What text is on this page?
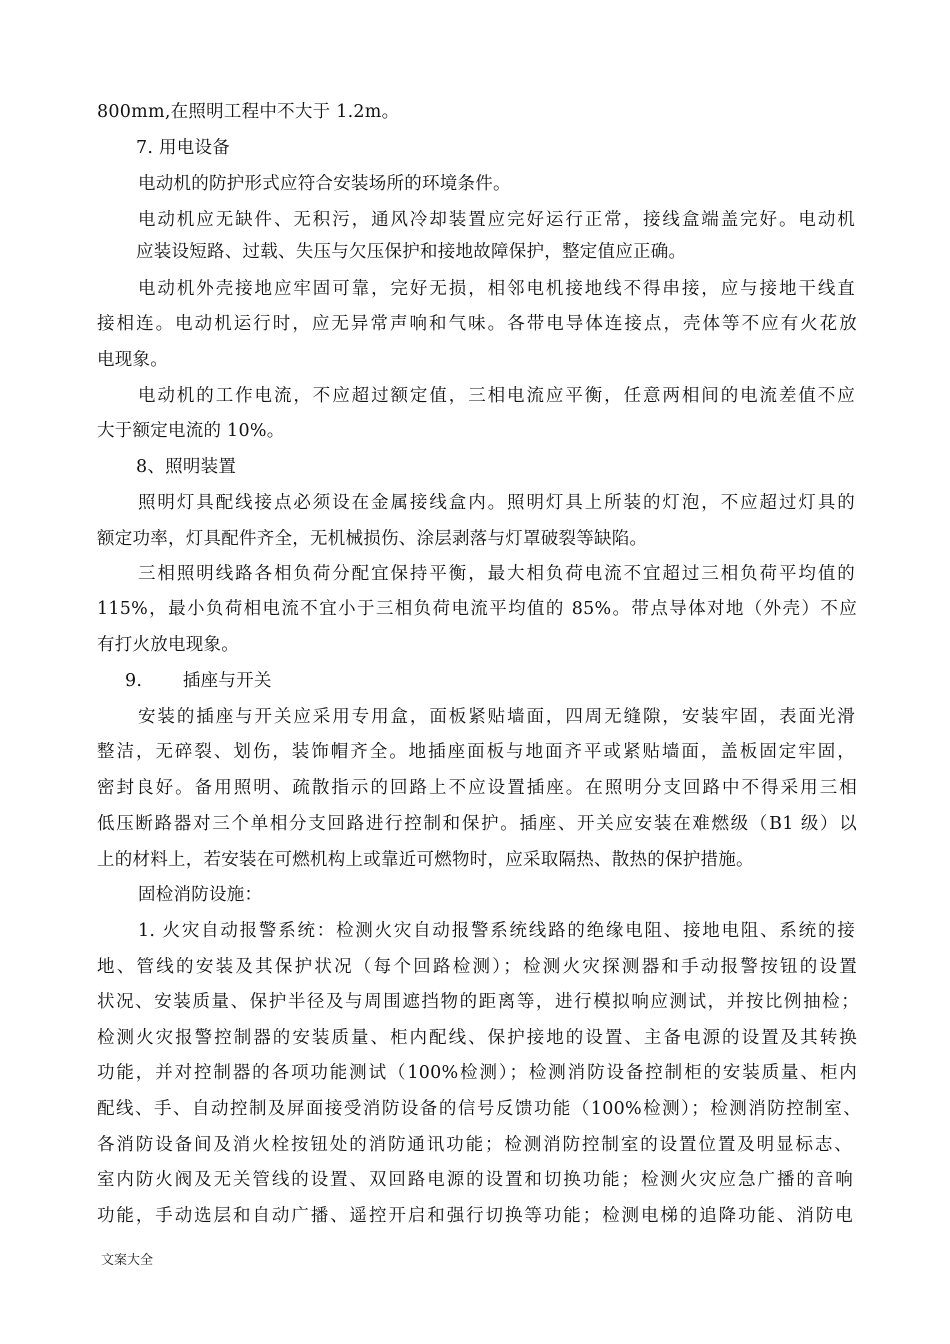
800mm,在照明工程中不大于 1.2m。
7. 用电设备
电动机的防护形式应符合安装场所的环境条件。
电动机应无缺件、无积污，通风冷却装置应完好运行正常，接线盒端盖完好。电动机
应装设短路、过载、失压与欠压保护和接地故障保护，整定值应正确。
电动机外壳接地应牢固可靠，完好无损，相邻电机接地线不得串接，应与接地干线直
接相连。电动机运行时，应无异常声响和气味。各带电导体连接点，壳体等不应有火花放
电现象。
电动机的工作电流，不应超过额定值，三相电流应平衡，任意两相间的电流差值不应
大于额定电流的 10%。
8、照明装置
照明灯具配线接点必须设在金属接线盒内。照明灯具上所装的灯泡，不应超过灯具的
额定功率，灯具配件齐全，无机械损伤、涂层剥落与灯罩破裂等缺陷。
三相照明线路各相负荷分配宜保持平衡，最大相负荷电流不宜超过三相负荷平均值的
115%，最小负荷相电流不宜小于三相负荷电流平均值的 85%。带点导体对地（外壳）不应
有打火放电现象。
9.       插座与开关
安装的插座与开关应采用专用盒，面板紧贴墙面，四周无缝隙，安装牢固，表面光滑
整洁，无碎裂、划伤，装饰帽齐全。地插座面板与地面齐平或紧贴墙面，盖板固定牢固，
密封良好。备用照明、疏散指示的回路上不应设置插座。在照明分支回路中不得采用三相
低压断路器对三个单相分支回路进行控制和保护。插座、开关应安装在难燃级（B1 级）以
上的材料上，若安装在可燃机构上或靠近可燃物时，应采取隔热、散热的保护措施。
固检消防设施：
1. 火灾自动报警系统：检测火灾自动报警系统线路的绝缘电阻、接地电阻、系统的接
地、管线的安装及其保护状况（每个回路检测）；检测火灾探测器和手动报警按钮的设置
状况、安装质量、保护半径及与周围遮挡物的距离等，进行模拟响应测试，并按比例抽检；
检测火灾报警控制器的安装质量、柜内配线、保护接地的设置、主备电源的设置及其转换
功能，并对控制器的各项功能测试（100%检测）；检测消防设备控制柜的安装质量、柜内
配线、手、自动控制及屏面接受消防设备的信号反馈功能（100%检测）；检测消防控制室、
各消防设备间及消火栓按钮处的消防通讯功能；检测消防控制室的设置位置及明显标志、
室内防火阀及无关管线的设置、双回路电源的设置和切换功能；检测火灾应急广播的音响
功能，手动选层和自动广播、遥控开启和强行切换等功能；检测电梯的追降功能、消防电
文案大全
